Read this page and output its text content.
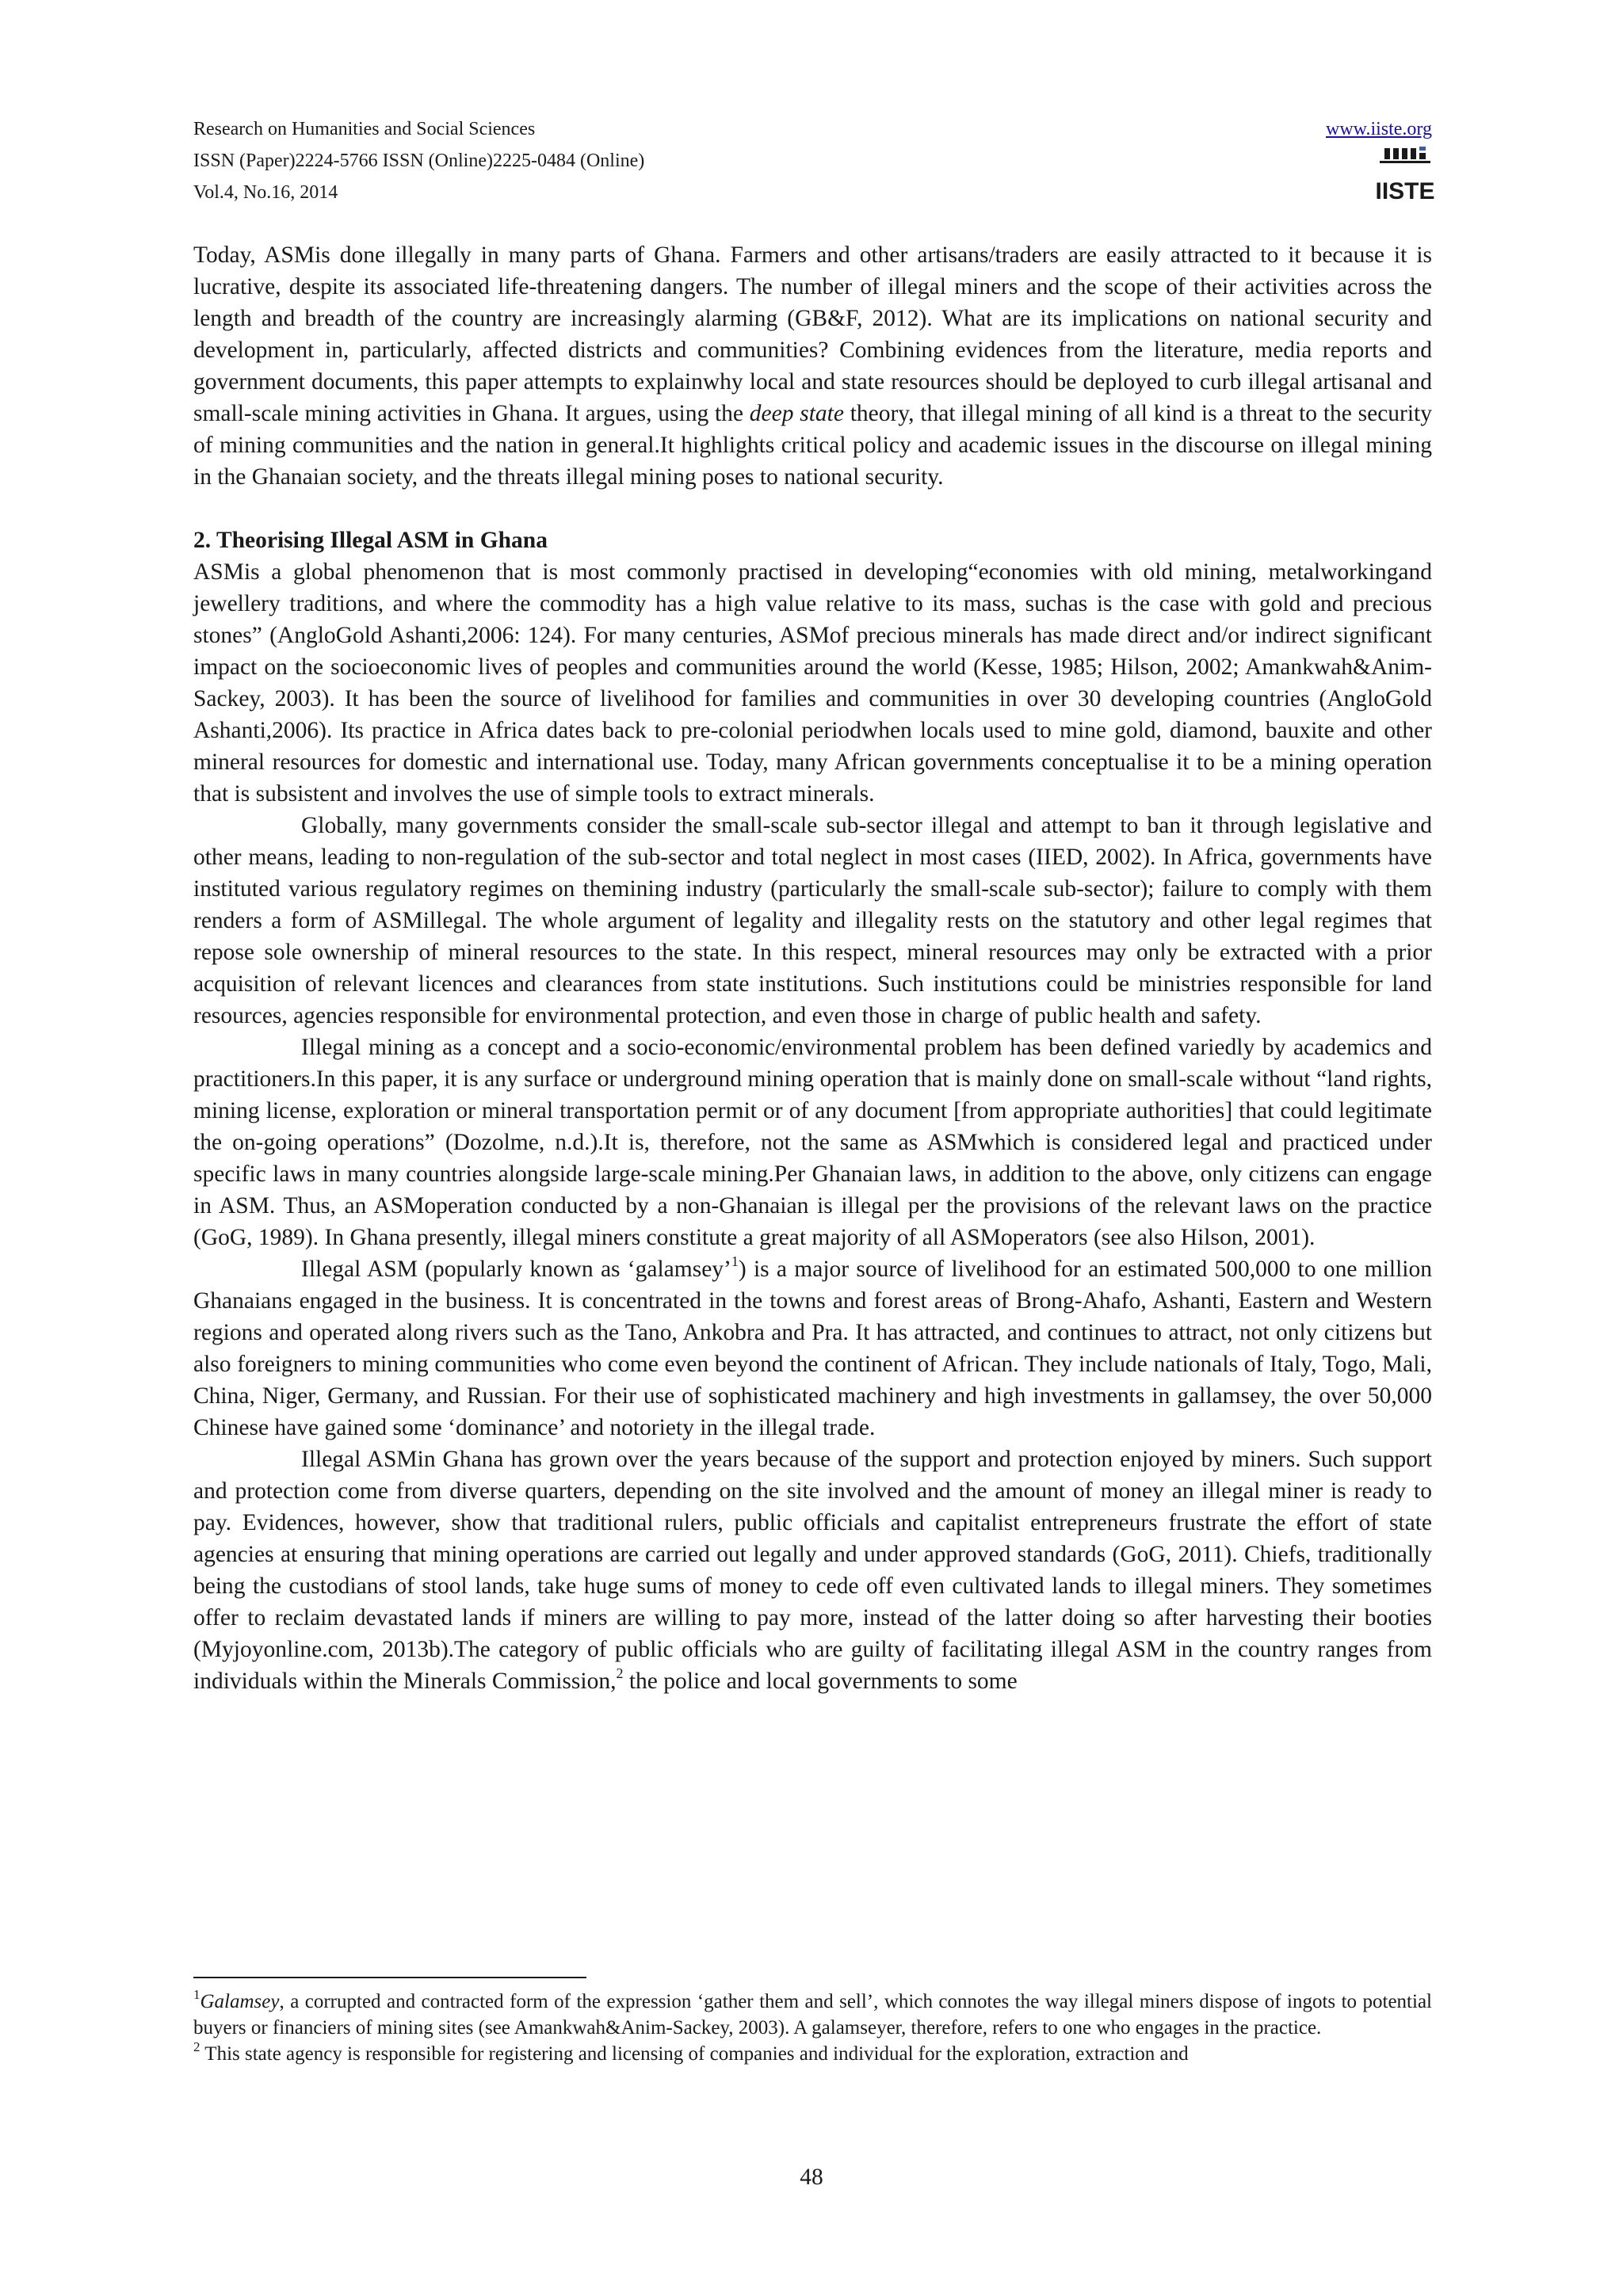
Research on Humanities and Social Sciences
ISSN (Paper)2224-5766 ISSN (Online)2225-0484 (Online)
Vol.4, No.16, 2014
www.iiste.org
IISTE

Today, ASMis done illegally in many parts of Ghana. Farmers and other artisans/traders are easily attracted to it because it is lucrative, despite its associated life-threatening dangers. The number of illegal miners and the scope of their activities across the length and breadth of the country are increasingly alarming (GB&F, 2012). What are its implications on national security and development in, particularly, affected districts and communities? Combining evidences from the literature, media reports and government documents, this paper attempts to explainwhy local and state resources should be deployed to curb illegal artisanal and small-scale mining activities in Ghana. It argues, using the deep state theory, that illegal mining of all kind is a threat to the security of mining communities and the nation in general.It highlights critical policy and academic issues in the discourse on illegal mining in the Ghanaian society, and the threats illegal mining poses to national security.

2. Theorising Illegal ASM in Ghana

ASMis a global phenomenon that is most commonly practised in developing“economies with old mining, metalworkingand jewellery traditions, and where the commodity has a high value relative to its mass, suchas is the case with gold and precious stones” (AngloGold Ashanti,2006: 124). For many centuries, ASMof precious minerals has made direct and/or indirect significant impact on the socioeconomic lives of peoples and communities around the world (Kesse, 1985; Hilson, 2002; Amankwah&Anim-Sackey, 2003). It has been the source of livelihood for families and communities in over 30 developing countries (AngloGold Ashanti,2006). Its practice in Africa dates back to pre-colonial periodwhen locals used to mine gold, diamond, bauxite and other mineral resources for domestic and international use. Today, many African governments conceptualise it to be a mining operation that is subsistent and involves the use of simple tools to extract minerals.

Globally, many governments consider the small-scale sub-sector illegal and attempt to ban it through legislative and other means, leading to non-regulation of the sub-sector and total neglect in most cases (IIED, 2002). In Africa, governments have instituted various regulatory regimes on themining industry (particularly the small-scale sub-sector); failure to comply with them renders a form of ASMillegal. The whole argument of legality and illegality rests on the statutory and other legal regimes that repose sole ownership of mineral resources to the state. In this respect, mineral resources may only be extracted with a prior acquisition of relevant licences and clearances from state institutions. Such institutions could be ministries responsible for land resources, agencies responsible for environmental protection, and even those in charge of public health and safety.

Illegal mining as a concept and a socio-economic/environmental problem has been defined variedly by academics and practitioners.In this paper, it is any surface or underground mining operation that is mainly done on small-scale without “land rights, mining license, exploration or mineral transportation permit or of any document [from appropriate authorities] that could legitimate the on-going operations” (Dozolme, n.d.).It is, therefore, not the same as ASMwhich is considered legal and practiced under specific laws in many countries alongside large-scale mining.Per Ghanaian laws, in addition to the above, only citizens can engage in ASM. Thus, an ASMoperation conducted by a non-Ghanaian is illegal per the provisions of the relevant laws on the practice (GoG, 1989). In Ghana presently, illegal miners constitute a great majority of all ASMoperators (see also Hilson, 2001).

Illegal ASM (popularly known as ‘galamsey’$^1$) is a major source of livelihood for an estimated 500,000 to one million Ghanaians engaged in the business. It is concentrated in the towns and forest areas of Brong-Ahafo, Ashanti, Eastern and Western regions and operated along rivers such as the Tano, Ankobra and Pra. It has attracted, and continues to attract, not only citizens but also foreigners to mining communities who come even beyond the continent of African. They include nationals of Italy, Togo, Mali, China, Niger, Germany, and Russian. For their use of sophisticated machinery and high investments in gallamsey, the over 50,000 Chinese have gained some ‘dominance’ and notoriety in the illegal trade.

Illegal ASMin Ghana has grown over the years because of the support and protection enjoyed by miners. Such support and protection come from diverse quarters, depending on the site involved and the amount of money an illegal miner is ready to pay. Evidences, however, show that traditional rulers, public officials and capitalist entrepreneurs frustrate the effort of state agencies at ensuring that mining operations are carried out legally and under approved standards (GoG, 2011). Chiefs, traditionally being the custodians of stool lands, take huge sums of money to cede off even cultivated lands to illegal miners. They sometimes offer to reclaim devastated lands if miners are willing to pay more, instead of the latter doing so after harvesting their booties (Myjoyonline.com, 2013b).The category of public officials who are guilty of facilitating illegal ASM in the country ranges from individuals within the Minerals Commission,$^2$ the police and local governments to some

$^1$Galamsey, a corrupted and contracted form of the expression ‘gather them and sell’, which connotes the way illegal miners dispose of ingots to potential buyers or financiers of mining sites (see Amankwah&Anim-Sackey, 2003). A galamseyer, therefore, refers to one who engages in the practice.

$^2$ This state agency is responsible for registering and licensing of companies and individual for the exploration, extraction and

48
